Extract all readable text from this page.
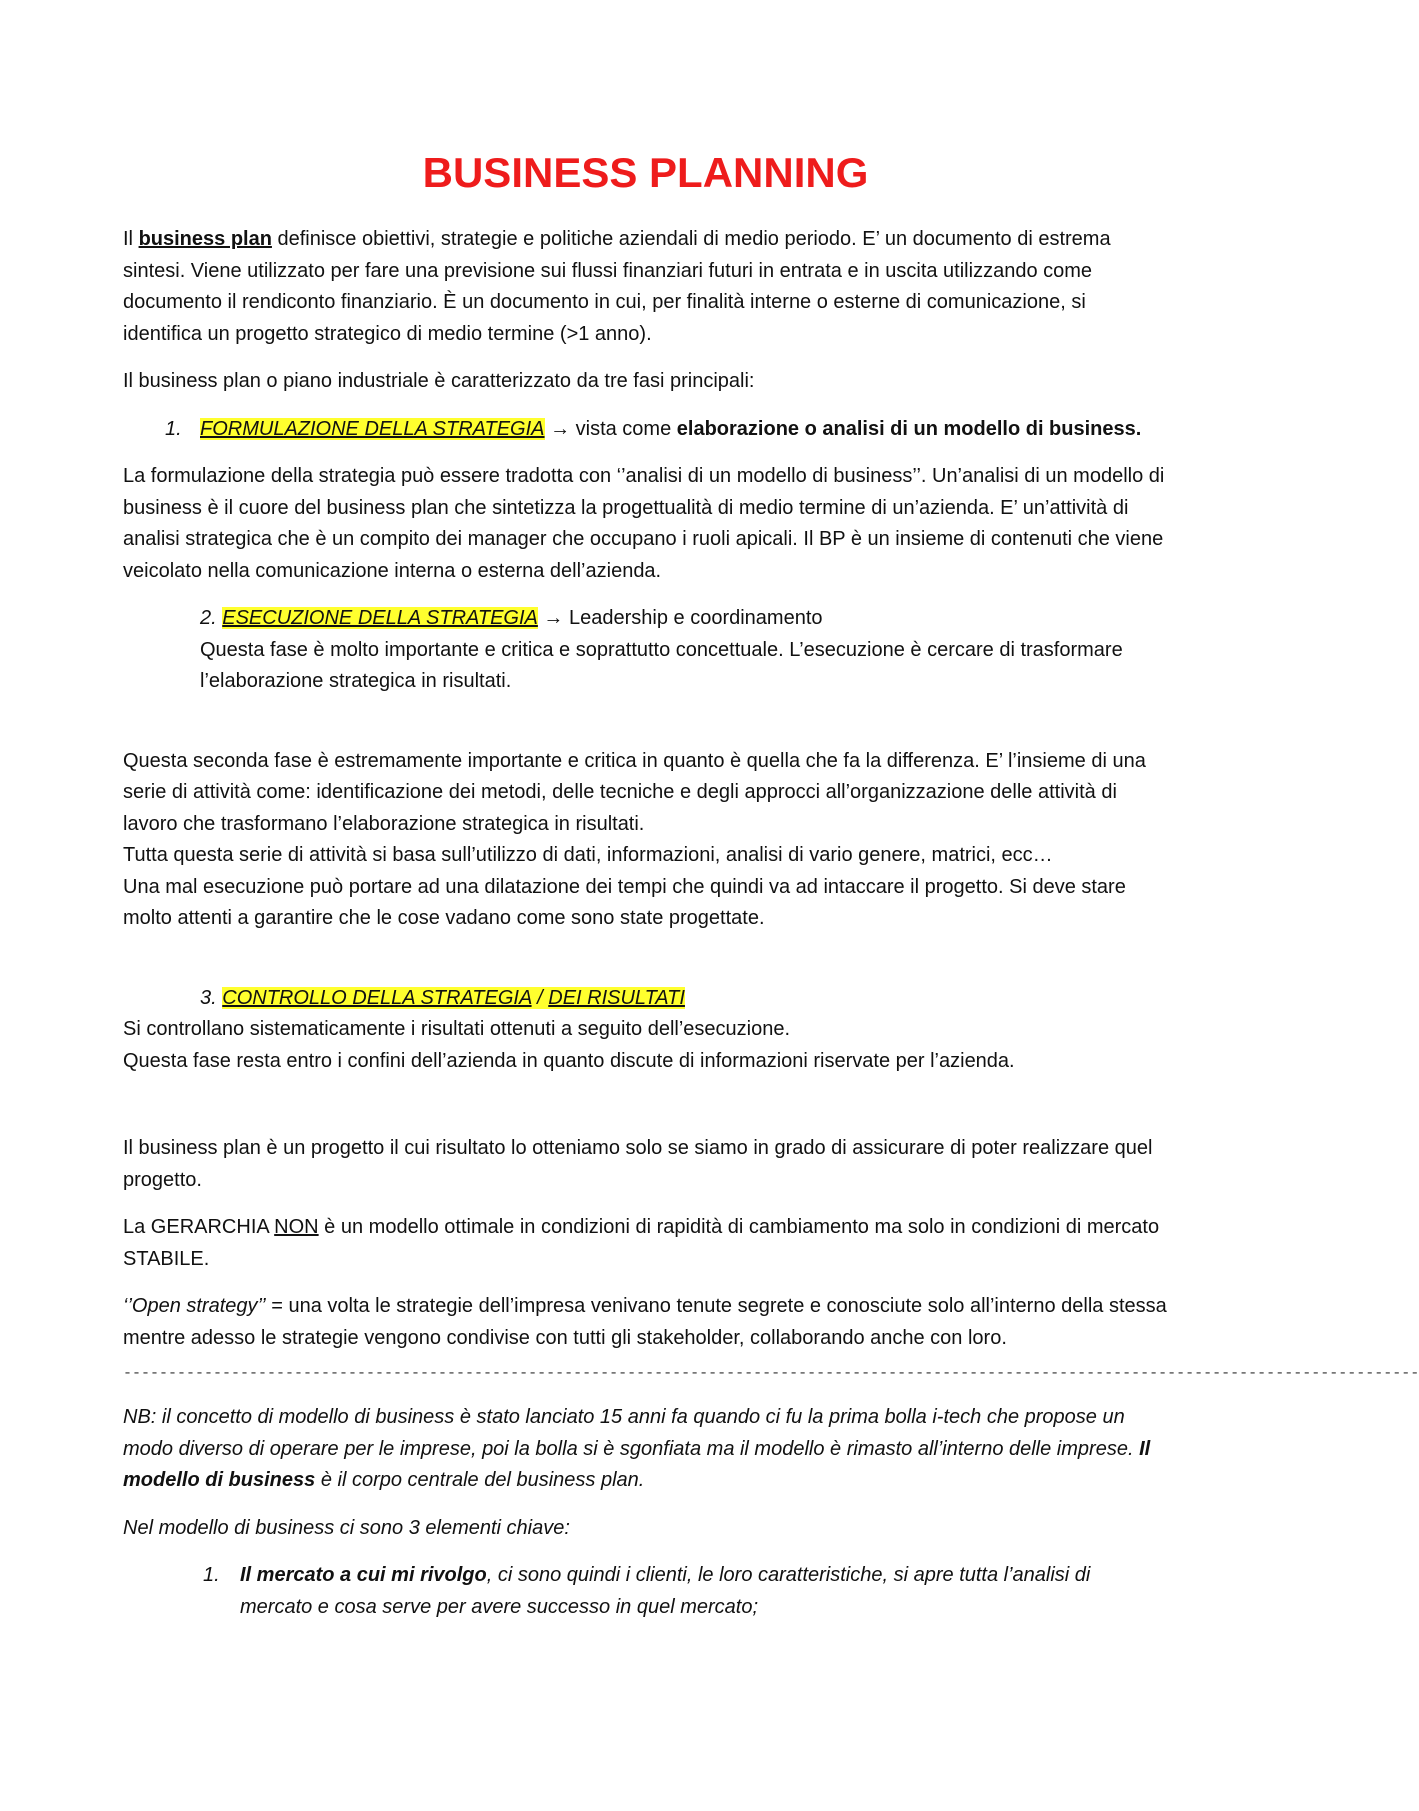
BUSINESS PLANNING

Il business plan definisce obiettivi, strategie e politiche aziendali di medio periodo. E’ un documento di estrema sintesi. Viene utilizzato per fare una previsione sui flussi finanziari futuri in entrata e in uscita utilizzando come documento il rendiconto finanziario. È un documento in cui, per finalità interne o esterne di comunicazione, si identifica un progetto strategico di medio termine (>1 anno).

Il business plan o piano industriale è caratterizzato da tre fasi principali:

1. FORMULAZIONE DELLA STRATEGIA → vista come elaborazione o analisi di un modello di business.

La formulazione della strategia può essere tradotta con ‘’analisi di un modello di business’’. Un’analisi di un modello di business è il cuore del business plan che sintetizza la progettualità di medio termine di un’azienda. E’ un’attività di analisi strategica che è un compito dei manager che occupano i ruoli apicali. Il BP è un insieme di contenuti che viene veicolato nella comunicazione interna o esterna dell’azienda.

2. ESECUZIONE DELLA STRATEGIA → Leadership e coordinamento

Questa fase è molto importante e critica e soprattutto concettuale. L’esecuzione è cercare di trasformare l’elaborazione strategica in risultati.

Questa seconda fase è estremamente importante e critica in quanto è quella che fa la differenza. E’ l’insieme di una serie di attività come: identificazione dei metodi, delle tecniche e degli approcci all’organizzazione delle attività di lavoro che trasformano l’elaborazione strategica in risultati.

Tutta questa serie di attività si basa sull’utilizzo di dati, informazioni, analisi di vario genere, matrici, ecc…

Una mal esecuzione può portare ad una dilatazione dei tempi che quindi va ad intaccare il progetto. Si deve stare molto attenti a garantire che le cose vadano come sono state progettate.

3. CONTROLLO DELLA STRATEGIA / DEI RISULTATI

Si controllano sistematicamente i risultati ottenuti a seguito dell’esecuzione.

Questa fase resta entro i confini dell’azienda in quanto discute di informazioni riservate per l’azienda.

Il business plan è un progetto il cui risultato lo otteniamo solo se siamo in grado di assicurare di poter realizzare quel progetto.

La GERARCHIA NON è un modello ottimale in condizioni di rapidità di cambiamento ma solo in condizioni di mercato STABILE.

‘’Open strategy’’ = una volta le strategie dell’impresa venivano tenute segrete e conosciute solo all’interno della stessa mentre adesso le strategie vengono condivise con tutti gli stakeholder, collaborando anche con loro.

------------------------------------------------------------------------------------------------------------------------------------------------

NB: il concetto di modello di business è stato lanciato 15 anni fa quando ci fu la prima bolla i-tech che propose un modo diverso di operare per le imprese, poi la bolla si è sgonfiata ma il modello è rimasto all’interno delle imprese. Il modello di business è il corpo centrale del business plan.

Nel modello di business ci sono 3 elementi chiave:

1. Il mercato a cui mi rivolgo, ci sono quindi i clienti, le loro caratteristiche, si apre tutta l’analisi di mercato e cosa serve per avere successo in quel mercato;
